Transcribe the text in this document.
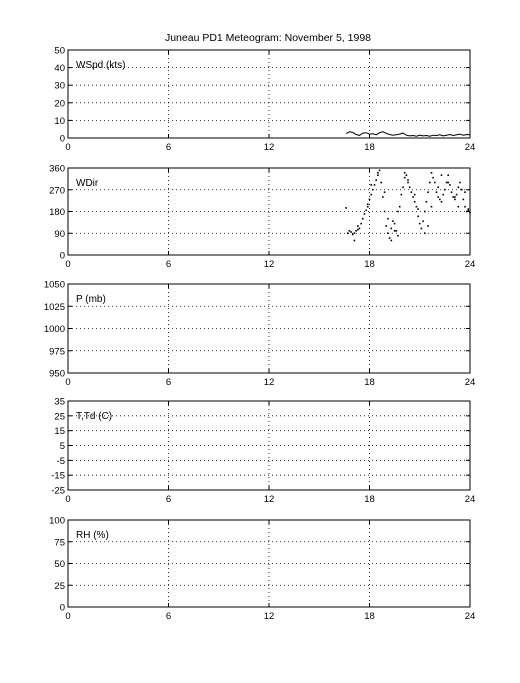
Juneau PD1 Meteogram: November 5, 1998
0
10
20
30
40
50
0	6	12	18	24
WSpd (kts)
0
90
180
270
360
0	6	12	18	24
WDir
950
975
1000
1025
1050
0	6	12	18	24
P (mb)
-25
-15
-5
5
15
25
35
0	6	12	18	24
T,Td (C)
0
25
50
75
100
0	6	12	18	24
RH (%)
